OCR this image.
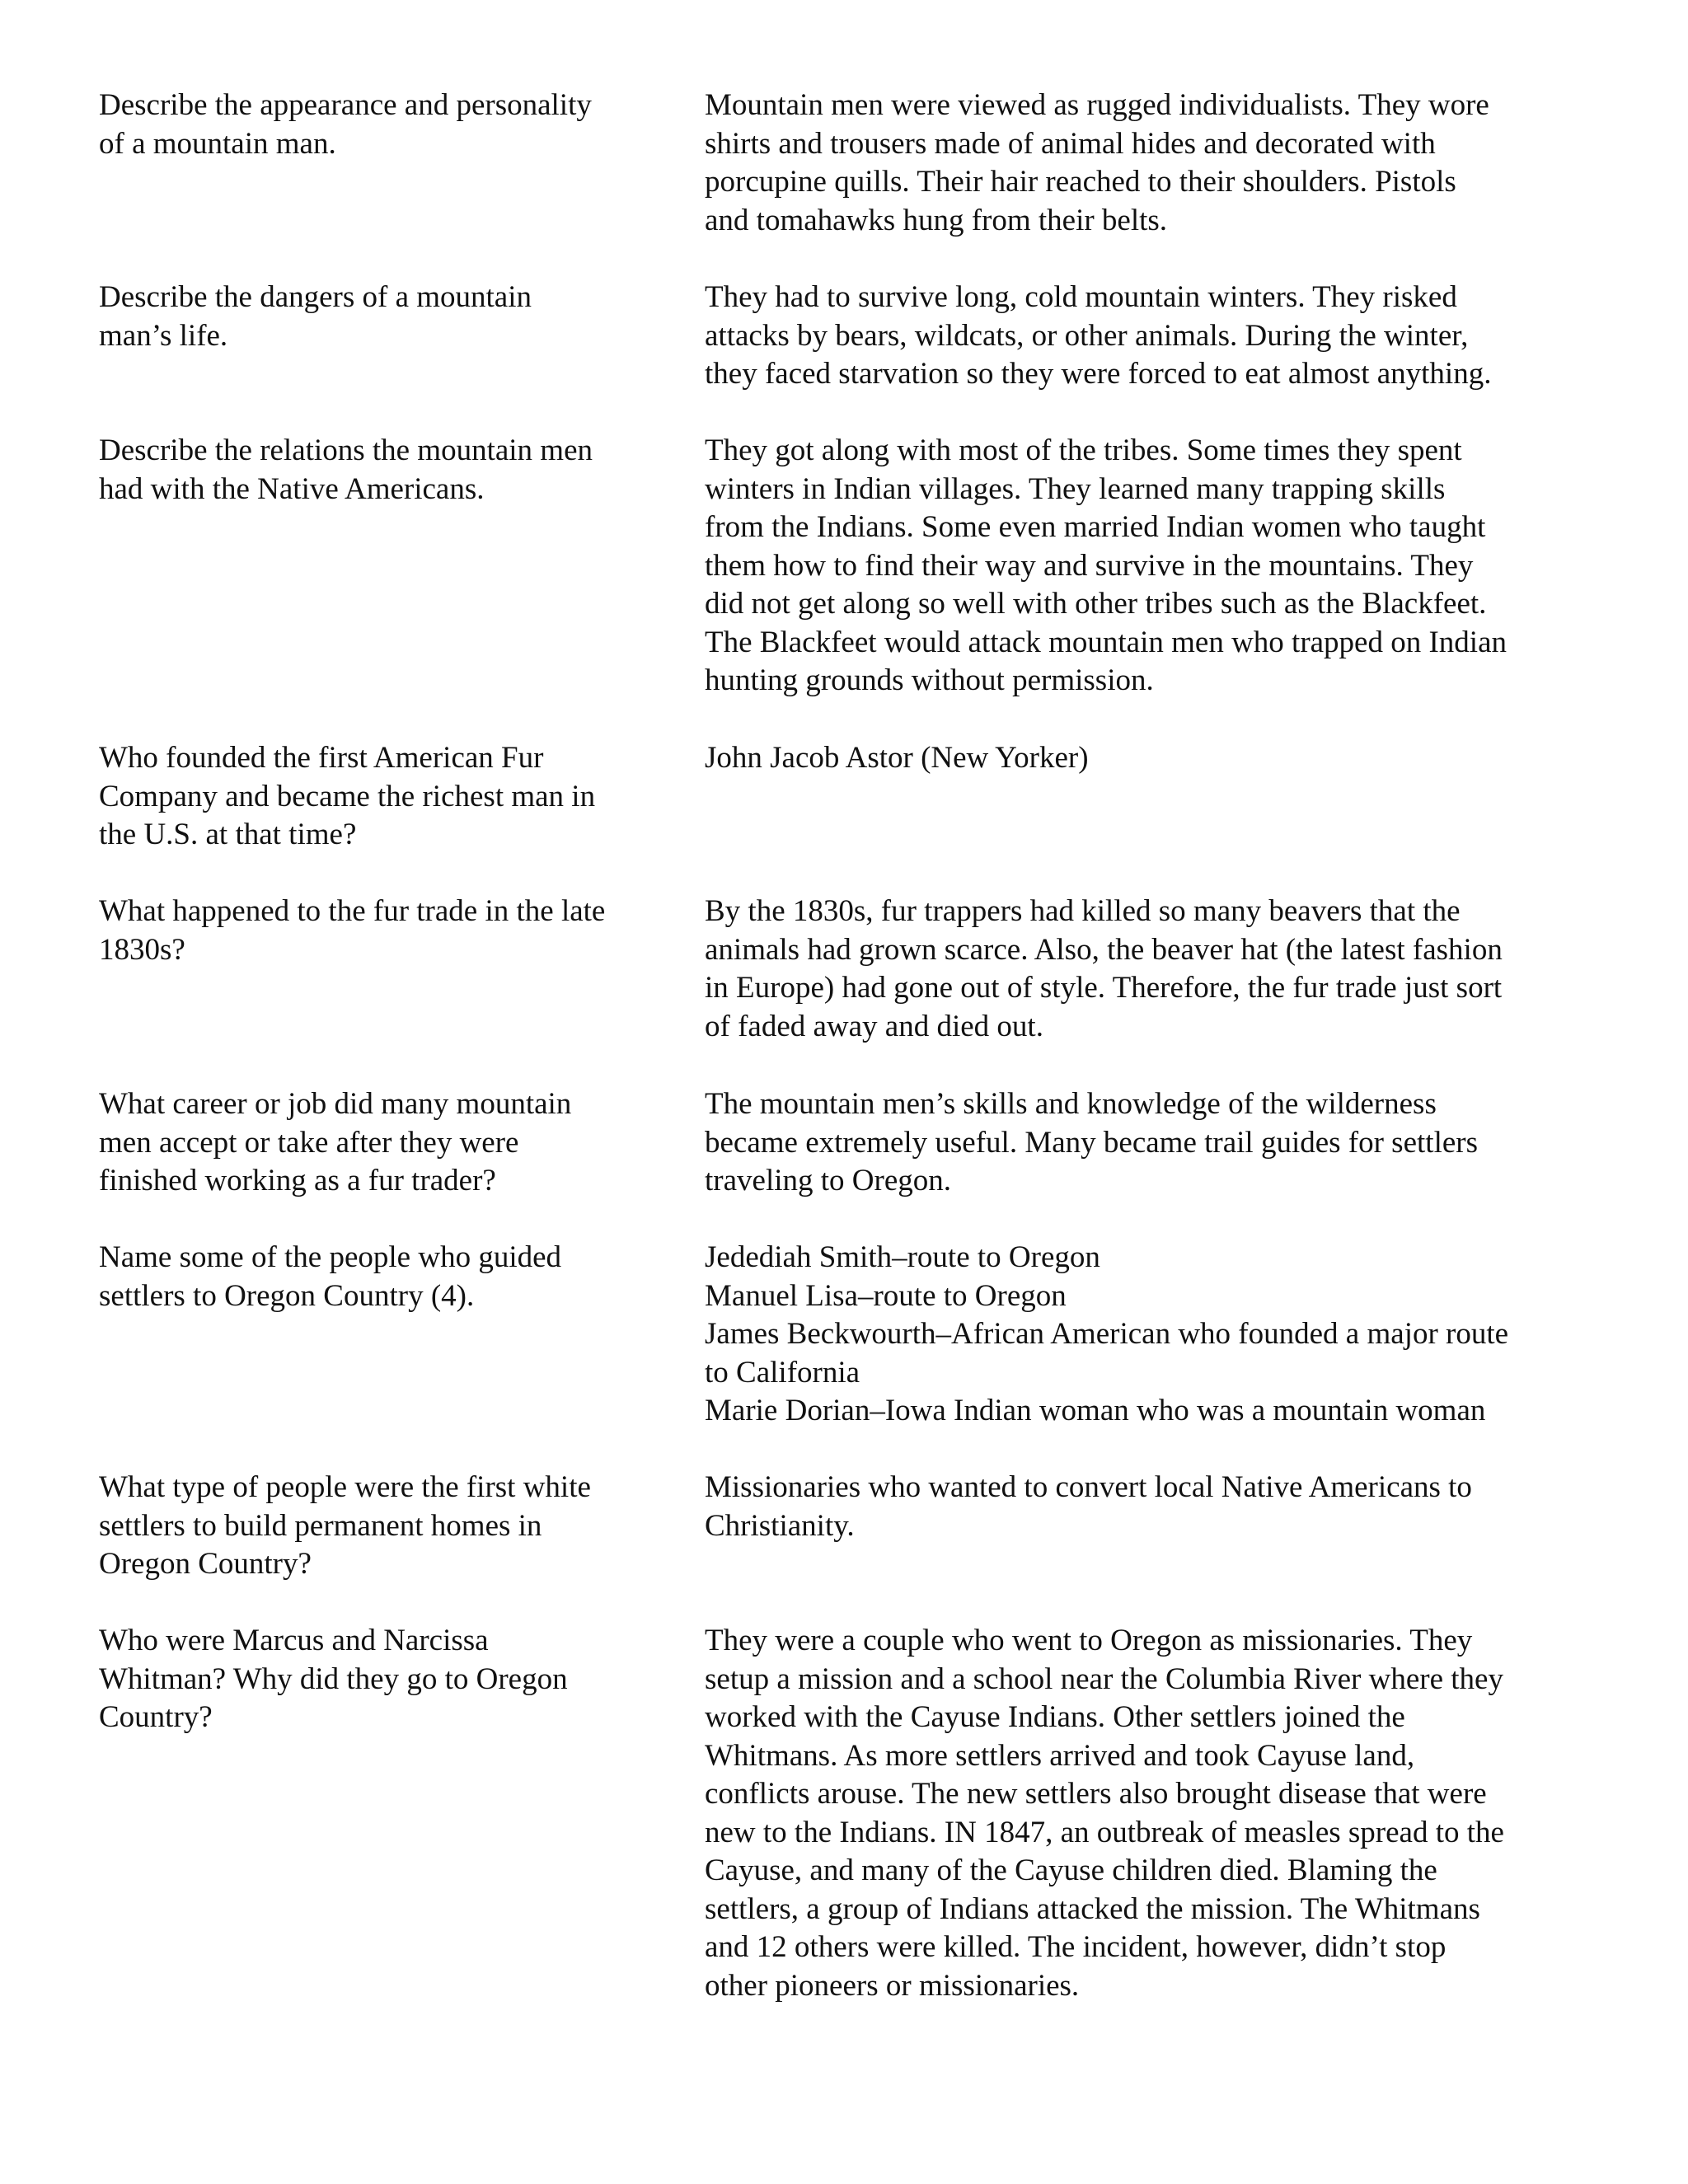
Describe the appearance and personality
of a mountain man.
Mountain men were viewed as rugged individualists. They wore
shirts and trousers made of animal hides and decorated with
porcupine quills. Their hair reached to their shoulders. Pistols
and tomahawks hung from their belts.
Describe the dangers of a mountain
man’s life.
They had to survive long, cold mountain winters. They risked
attacks by bears, wildcats, or other animals. During the winter,
they faced starvation so they were forced to eat almost anything.
Describe the relations the mountain men
had with the Native Americans.
They got along with most of the tribes. Some times they spent
winters in Indian villages. They learned many trapping skills
from the Indians. Some even married Indian women who taught
them how to find their way and survive in the mountains. They
did not get along so well with other tribes such as the Blackfeet.
The Blackfeet would attack mountain men who trapped on Indian
hunting grounds without permission.
Who founded the first American Fur
Company and became the richest man in
the U.S. at that time?
John Jacob Astor (New Yorker)
What happened to the fur trade in the late
1830s?
By the 1830s, fur trappers had killed so many beavers that the
animals had grown scarce. Also, the beaver hat (the latest fashion
in Europe) had gone out of style. Therefore, the fur trade just sort
of faded away and died out.
What career or job did many mountain
men accept or take after they were
finished working as a fur trader?
The mountain men’s skills and knowledge of the wilderness
became extremely useful. Many became trail guides for settlers
traveling to Oregon.
Name some of the people who guided
settlers to Oregon Country (4).
Jedediah Smith–route to Oregon
Manuel Lisa–route to Oregon
James Beckwourth–African American who founded a major route
to California
Marie Dorian–Iowa Indian woman who was a mountain woman
What type of people were the first white
settlers to build permanent homes in
Oregon Country?
Missionaries who wanted to convert local Native Americans to
Christianity.
Who were Marcus and Narcissa
Whitman? Why did they go to Oregon
Country?
They were a couple who went to Oregon as missionaries. They
setup a mission and a school near the Columbia River where they
worked with the Cayuse Indians. Other settlers joined the
Whitmans. As more settlers arrived and took Cayuse land,
conflicts arouse. The new settlers also brought disease that were
new to the Indians. IN 1847, an outbreak of measles spread to the
Cayuse, and many of the Cayuse children died. Blaming the
settlers, a group of Indians attacked the mission. The Whitmans
and 12 others were killed. The incident, however, didn’t stop
other pioneers or missionaries.
